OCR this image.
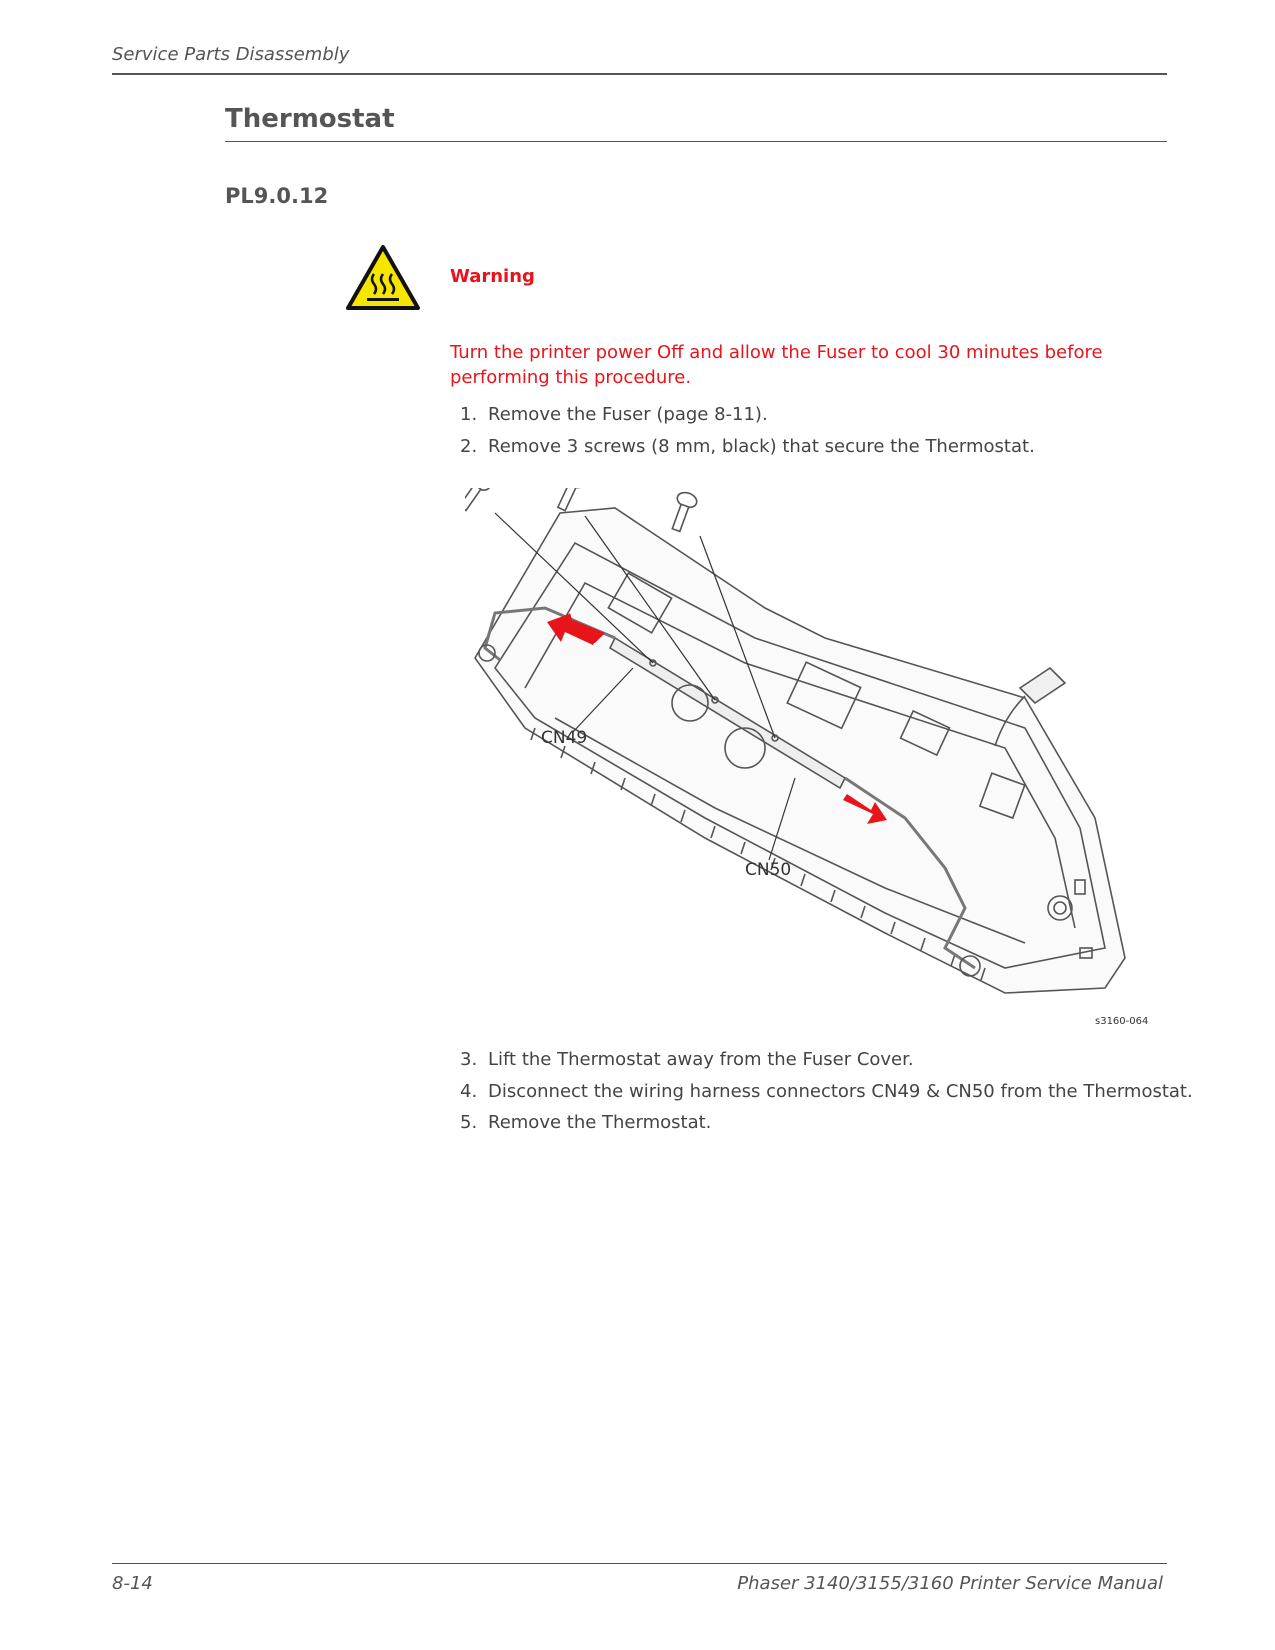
Service Parts Disassembly
Thermostat
PL9.0.12
Warning
Turn the printer power Off and allow the Fuser to cool 30 minutes before performing this procedure.
1. Remove the Fuser (page 8-11).
2. Remove 3 screws (8 mm, black) that secure the Thermostat.
CN49
CN50
s3160-064
3. Lift the Thermostat away from the Fuser Cover.
4. Disconnect the wiring harness connectors CN49 & CN50 from the Thermostat.
5. Remove the Thermostat.
8-14	Phaser 3140/3155/3160 Printer Service Manual
